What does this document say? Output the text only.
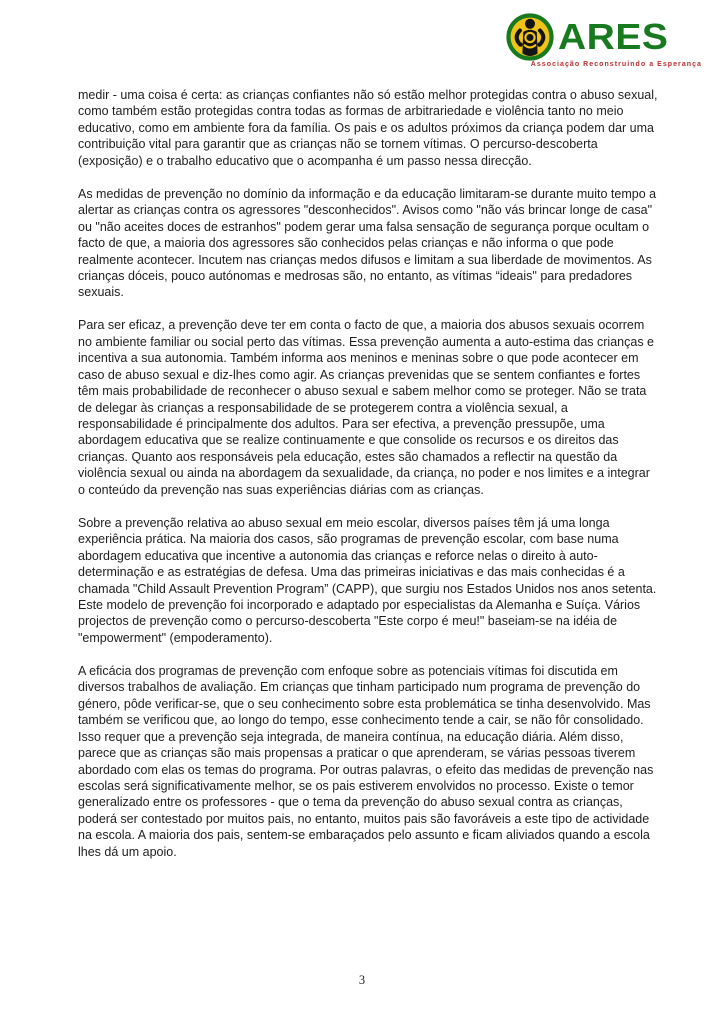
ARES
Associação Reconstruindo a Esperança

medir - uma coisa é certa: as crianças confiantes não só estão melhor protegidas contra o abuso sexual, como também estão protegidas contra todas as formas de arbitrariedade e violência tanto no meio educativo, como em ambiente fora da família. Os pais e os adultos próximos da criança podem dar uma contribuição vital para garantir que as crianças não se tornem vítimas. O percurso-descoberta (exposição) e o trabalho educativo que o acompanha é um passo nessa direcção.

As medidas de prevenção no domínio da informação e da educação limitaram-se durante muito tempo a alertar as crianças contra os agressores "desconhecidos". Avisos como "não vás brincar longe de casa" ou "não aceites doces de estranhos" podem gerar uma falsa sensação de segurança porque ocultam o facto de que, a maioria dos agressores são conhecidos pelas crianças e não informa o que pode realmente acontecer. Incutem nas crianças medos difusos e limitam a sua liberdade de movimentos. As crianças dóceis, pouco autónomas e medrosas são, no entanto, as vítimas “ideais" para predadores sexuais.

Para ser eficaz, a prevenção deve ter em conta o facto de que, a maioria dos abusos sexuais ocorrem no ambiente familiar ou social perto das vítimas. Essa prevenção aumenta a auto-estima das crianças e incentiva a sua autonomia. Também informa aos meninos e meninas sobre o que pode acontecer em caso de abuso sexual e diz-lhes como agir. As crianças prevenidas que se sentem confiantes e fortes têm mais probabilidade de reconhecer o abuso sexual e sabem melhor como se proteger. Não se trata de delegar às crianças a responsabilidade de se protegerem contra a violência sexual, a responsabilidade é principalmente dos adultos. Para ser efectiva, a prevenção pressupõe, uma abordagem educativa que se realize continuamente e que consolide os recursos e os direitos das crianças. Quanto aos responsáveis pela educação, estes são chamados a reflectir na questão da violência sexual ou ainda na abordagem da sexualidade, da criança, no poder e nos limites e a integrar o conteúdo da prevenção nas suas experiências diárias com as crianças.

Sobre a prevenção relativa ao abuso sexual em meio escolar, diversos países têm já uma longa experiência prática. Na maioria dos casos, são programas de prevenção escolar, com base numa abordagem educativa que incentive a autonomia das crianças e reforce nelas o direito à auto-determinação e as estratégias de defesa. Uma das primeiras iniciativas e das mais conhecidas é a chamada "Child Assault Prevention Program” (CAPP), que surgiu nos Estados Unidos nos anos setenta. Este modelo de prevenção foi incorporado e adaptado por especialistas da Alemanha e Suíça. Vários projectos de prevenção como o percurso-descoberta "Este corpo é meu!" baseiam-se na idéia de "empowerment" (empoderamento).

A eficácia dos programas de prevenção com enfoque sobre as potenciais vítimas foi discutida em diversos trabalhos de avaliação. Em crianças que tinham participado num programa de prevenção do género, pôde verificar-se, que o seu conhecimento sobre esta problemática se tinha desenvolvido. Mas também se verificou que, ao longo do tempo, esse conhecimento tende a cair, se não fôr consolidado. Isso requer que a prevenção seja integrada, de maneira contínua, na educação diária. Além disso, parece que as crianças são mais propensas a praticar o que aprenderam, se várias pessoas tiverem abordado com elas os temas do programa. Por outras palavras, o efeito das medidas de prevenção nas escolas será significativamente melhor, se os pais estiverem envolvidos no processo. Existe o temor generalizado entre os professores - que o tema da prevenção do abuso sexual contra as crianças, poderá ser contestado por muitos pais, no entanto, muitos pais são favoráveis a este tipo de actividade na escola. A maioria dos pais, sentem-se embaraçados pelo assunto e ficam aliviados quando a escola lhes dá um apoio.

3
